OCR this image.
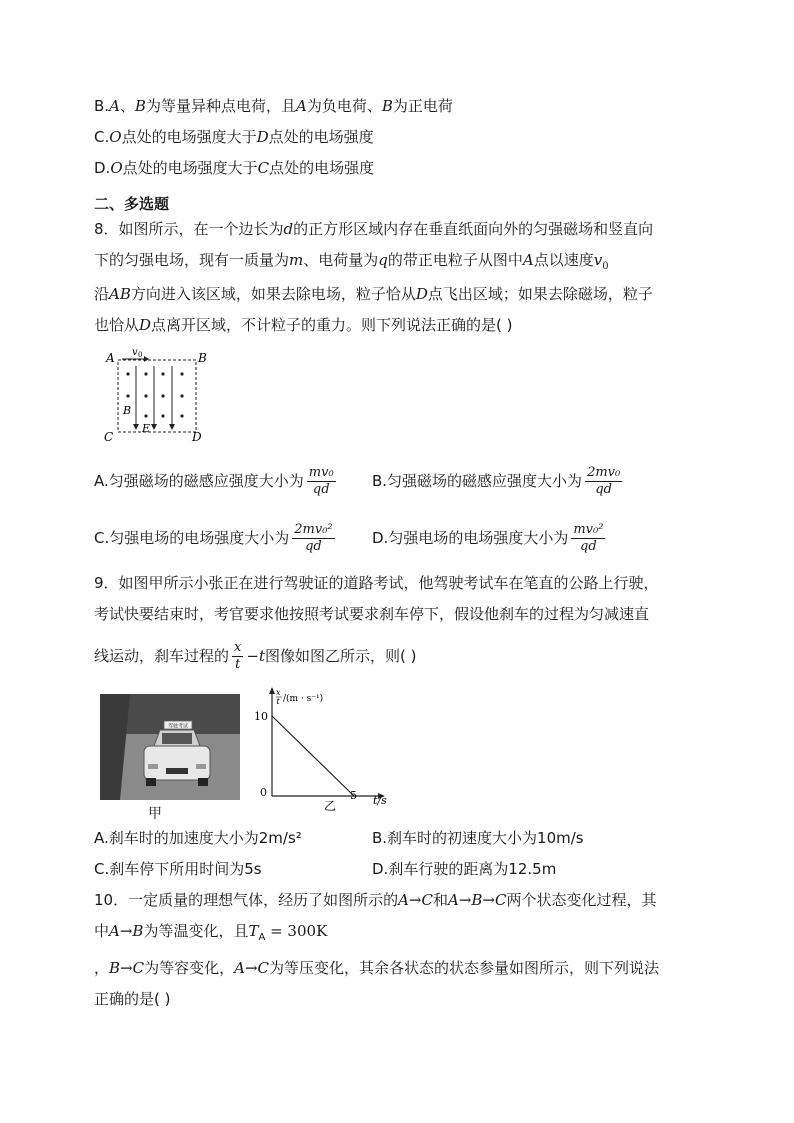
B.A、B为等量异种点电荷，且A为负电荷、B为正电荷
C.O点处的电场强度大于D点处的电场强度
D.O点处的电场强度大于C点处的电场强度
二、多选题
8．如图所示，在一个边长为d的正方形区域内存在垂直纸面向外的匀强磁场和竖直向
下的匀强电场，现有一质量为m、电荷量为q的带正电粒子从图中A点以速度$v_0$
沿AB方向进入该区域，如果去除电场，粒子恰从D点飞出区域；如果去除磁场，粒子
也恰从D点离开区域，不计粒子的重力。则下列说法正确的是( )
A	B
C	D
v 0
B
E
A.匀强磁场的磁感应强度大小为 $\frac{\text{mv₀}}{qd} B$.匀强磁场的磁感应强度大小为 $\frac{\text{2mv₀}}{qd}$
C.匀强电场的电场强度大小为 $\frac{\text{2mv₀²}}{qd} D$.匀强电场的电场强度大小为 $\frac{\text{mv₀²}}{qd}$
9．如图甲所示小张正在进行驾驶证的道路考试，他驾驶考试车在笔直的公路上行驶，
考试快要结束时，考官要求他按照考试要求刹车停下，假设他刹车的过程为匀减速直
线运动，刹车过程的 $\frac{x}{t} -t$图像如图乙所示，则( )
驾驶考试
甲
x
t /(m · s⁻¹)
10
0	5 t/s
乙
A.刹车时的加速度大小为2m/s²	B.刹车时的初速度大小为10m/s
C.刹车停下所用时间为5s	D.刹车行驶的距离为12.5m
10．一定质量的理想气体，经历了如图所示的A→C和A→B→C两个状态变化过程，其
中A→B为等温变化，且$T_A = 300K$
，B→C为等容变化，A→C为等压变化，其余各状态的状态参量如图所示，则下列说法
正确的是( )
